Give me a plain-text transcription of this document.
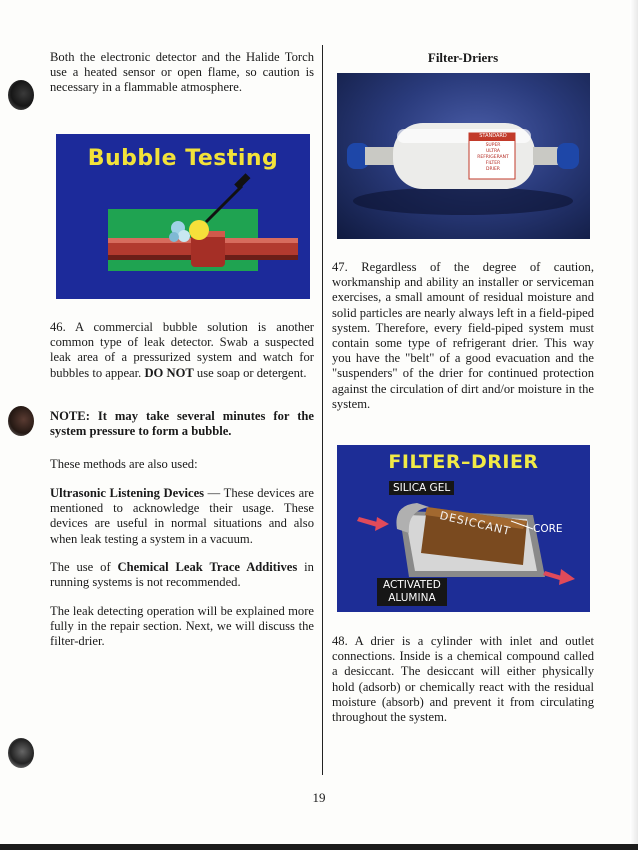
Both the electronic detector and the Halide Torch use a heated sensor or open flame, so caution is necessary in a flammable atmosphere.

Bubble Testing

46. A commercial bubble solution is another common type of leak detector. Swab a suspected leak area of a pressurized system and watch for bubbles to appear. DO NOT use soap or detergent.

NOTE: It may take several minutes for the system pressure to form a bubble.

These methods are also used:

Ultrasonic Listening Devices — These devices are mentioned to acknowledge their usage. These devices are useful in normal situations and also when leak testing a system in a vacuum.

The use of Chemical Leak Trace Additives in running systems is not recommended.

The leak detecting operation will be explained more fully in the repair section. Next, we will discuss the filter-drier.

Filter-Driers
STANDARD
SUPER
ULTRA
REFRIGERANT
FILTER
DRIER

47. Regardless of the degree of caution, workmanship and ability an installer or serviceman exercises, a small amount of residual moisture and solid particles are nearly always left in a field-piped system. Therefore, every field-piped system must contain some type of refrigerant drier. This way you have the "belt" of a good evacuation and the "suspenders" of the drier for continued protection against the circulation of dirt and/or moisture in the system.

FILTER–DRIER
SILICA GEL
DESICCANT CORE
ACTIVATED
ALUMINA

48. A drier is a cylinder with inlet and outlet connections. Inside is a chemical compound called a desiccant. The desiccant will either physically hold (adsorb) or chemically react with the residual moisture (absorb) and prevent it from circulating throughout the system.

19
